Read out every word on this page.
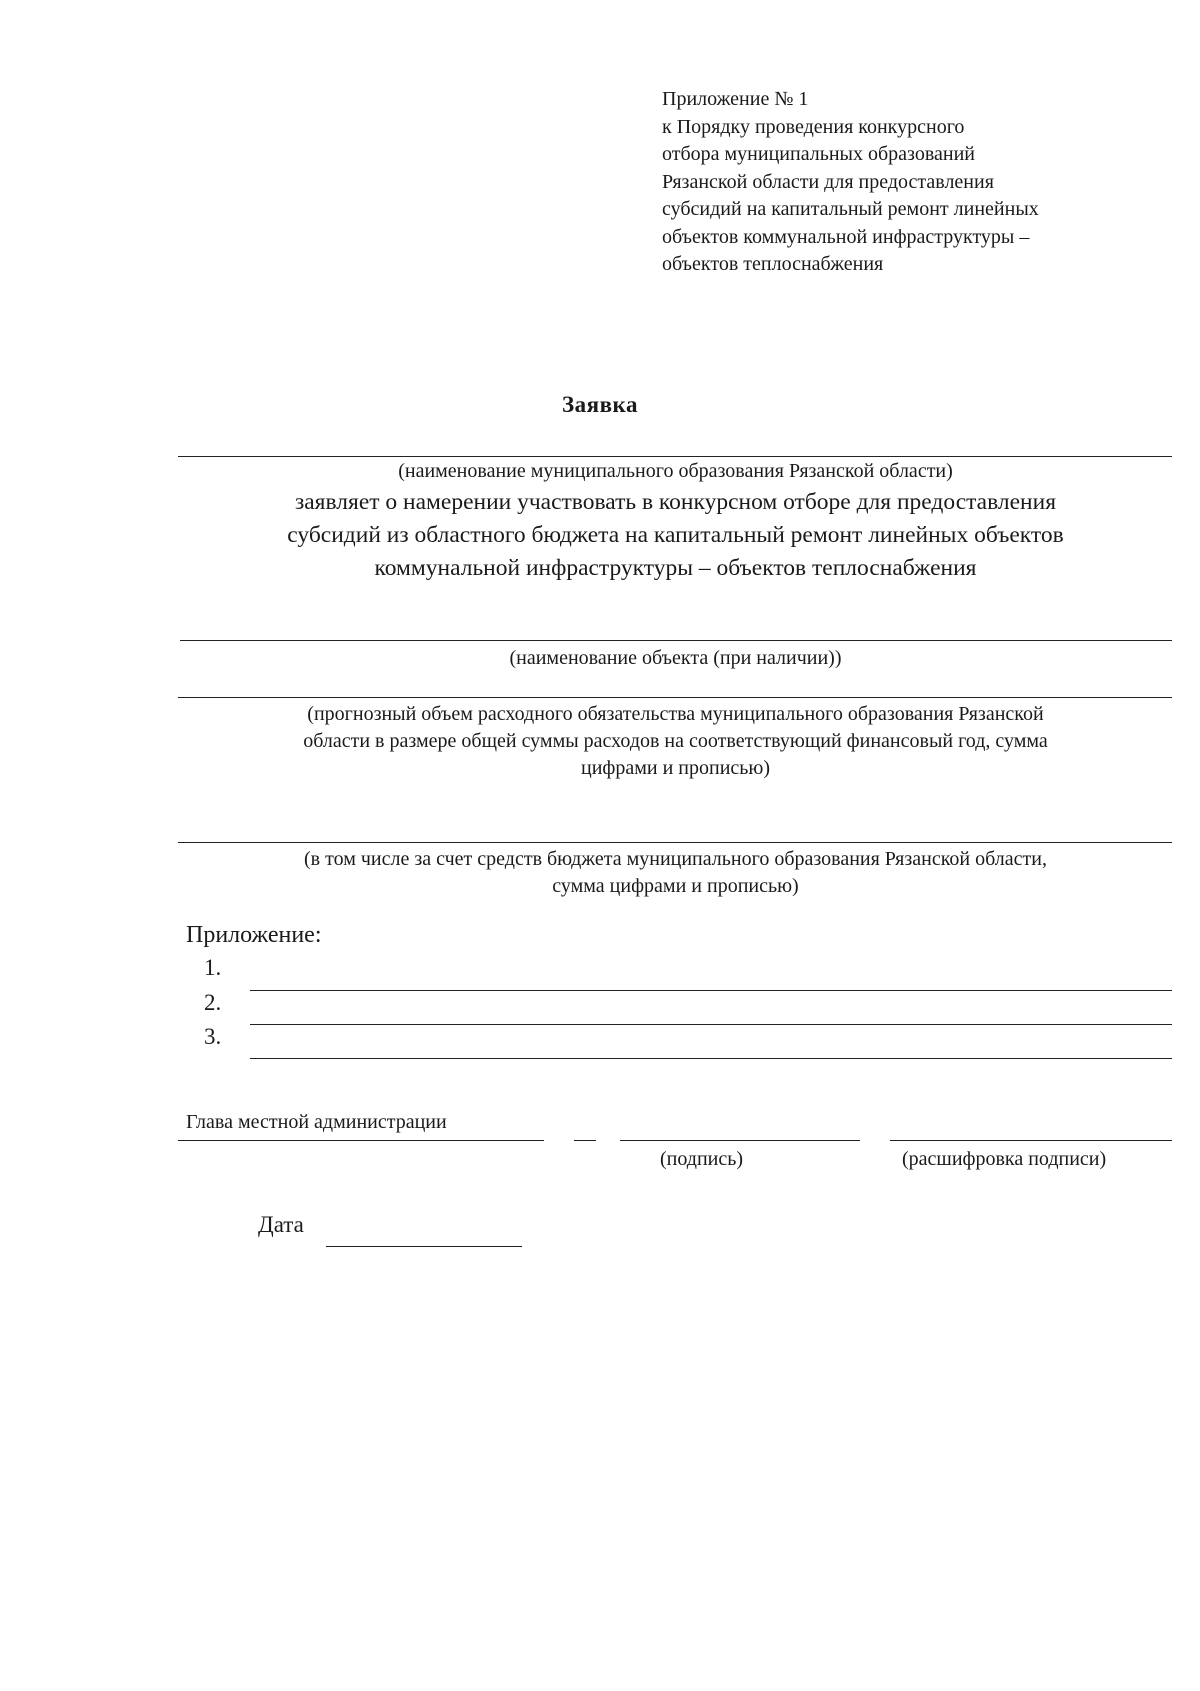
Приложение № 1
к Порядку проведения конкурсного
отбора муниципальных образований
Рязанской области для предоставления
субсидий на капитальный ремонт линейных
объектов коммунальной инфраструктуры –
объектов теплоснабжения
Заявка
(наименование муниципального образования Рязанской области)
заявляет о намерении участвовать в конкурсном отборе для предоставления
субсидий из областного бюджета на капитальный ремонт линейных объектов
коммунальной инфраструктуры – объектов теплоснабжения
(наименование объекта (при наличии))
(прогнозный объем расходного обязательства муниципального образования Рязанской
области в размере общей суммы расходов на соответствующий финансовый год, сумма
цифрами и прописью)
(в том числе за счет средств бюджета муниципального образования Рязанской области,
сумма цифрами и прописью)
Приложение:
1.
2.
3.
Глава местной администрации
(подпись)	(расшифровка подписи)
Дата
